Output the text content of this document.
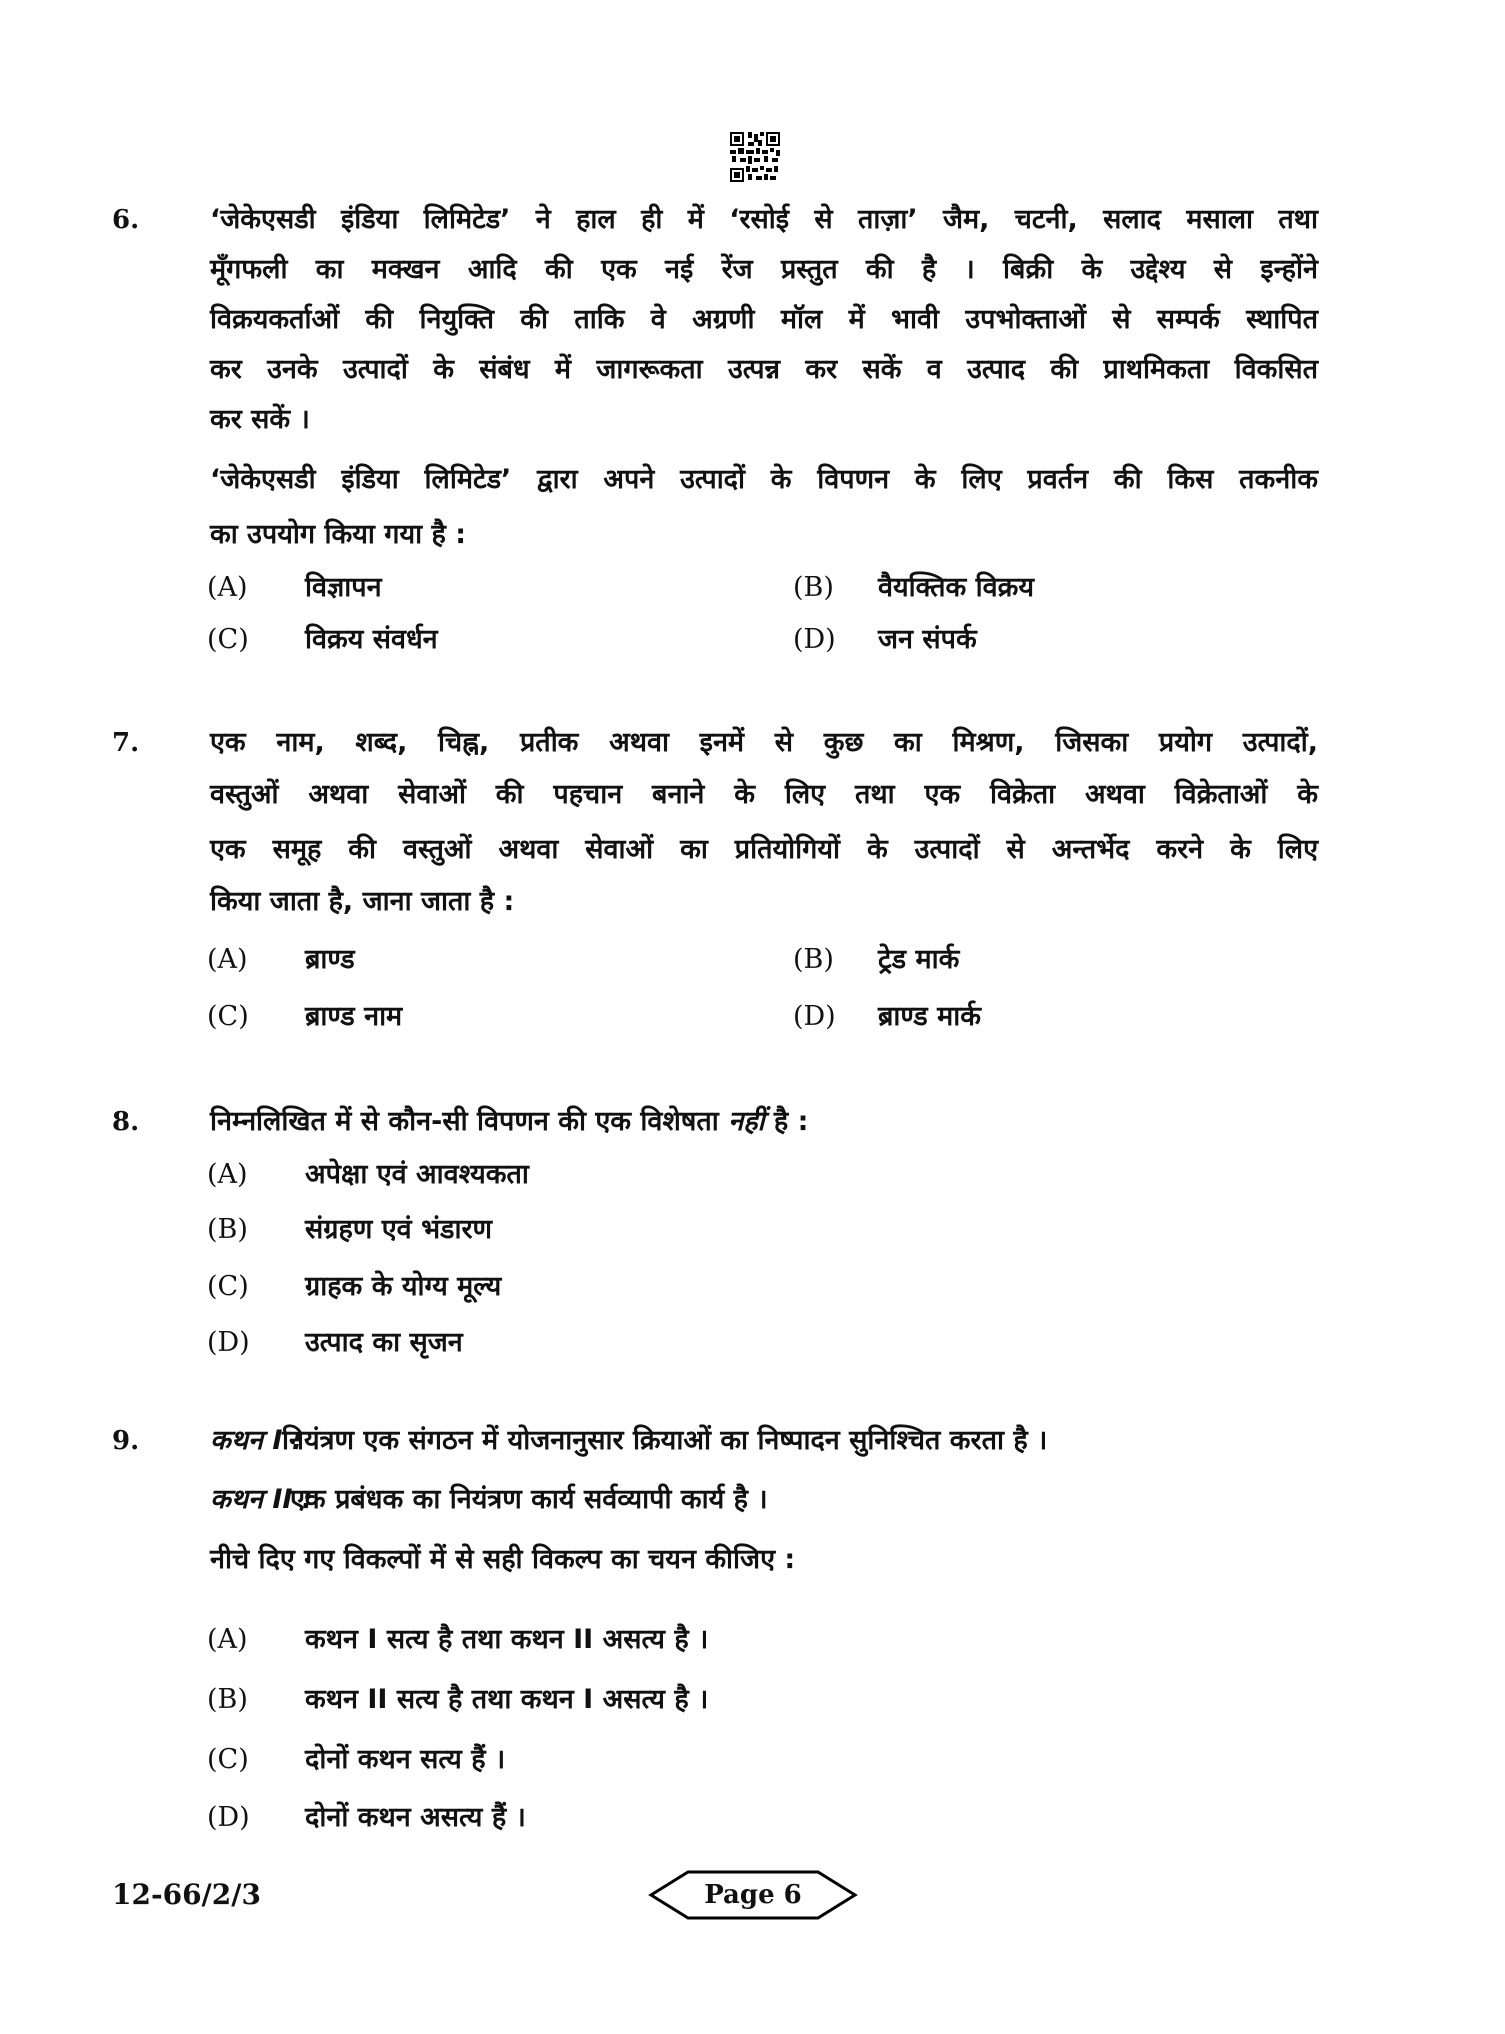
6.	‘जेकेएसडी इंडिया लिमिटेड’ ने हाल ही में ‘रसोई से ताज़ा’ जैम, चटनी, सलाद मसाला तथा
मूँगफली का मक्खन आदि की एक नई रेंज प्रस्तुत की है । बिक्री के उद्देश्य से इन्होंने
विक्रयकर्ताओं की नियुक्ति की ताकि वे अग्रणी मॉल में भावी उपभोक्ताओं से सम्पर्क स्थापित
कर उनके उत्पादों के संबंध में जागरूकता उत्पन्न कर सकें व उत्पाद की प्राथमिकता विकसित
कर सकें ।
‘जेकेएसडी इंडिया लिमिटेड’ द्वारा अपने उत्पादों के विपणन के लिए प्रवर्तन की किस तकनीक
का उपयोग किया गया है :
(A) विज्ञापन	(B) वैयक्तिक विक्रय
(C) विक्रय संवर्धन	(D) जन संपर्क
7.	एक नाम, शब्द, चिह्न, प्रतीक अथवा इनमें से कुछ का मिश्रण, जिसका प्रयोग उत्पादों,
वस्तुओं अथवा सेवाओं की पहचान बनाने के लिए तथा एक विक्रेता अथवा विक्रेताओं के
एक समूह की वस्तुओं अथवा सेवाओं का प्रतियोगियों के उत्पादों से अन्तर्भेद करने के लिए
किया जाता है, जाना जाता है :
(A) ब्राण्ड	(B) ट्रेड मार्क
(C) ब्राण्ड नाम	(D) ब्राण्ड मार्क
8.	निम्नलिखित में से कौन-सी विपणन की एक विशेषता नहीं है :
(A) अपेक्षा एवं आवश्यकता
(B) संग्रहण एवं भंडारण
(C) ग्राहक के योग्य मूल्य
(D) उत्पाद का सृजन
9.	कथन I :
नियंत्रण एक संगठन में योजनानुसार क्रियाओं का निष्पादन सुनिश्चित करता है ।
कथन II :
एक प्रबंधक का नियंत्रण कार्य सर्वव्यापी कार्य है ।
नीचे दिए गए विकल्पों में से सही विकल्प का चयन कीजिए :
(A) कथन I सत्य है तथा कथन II असत्य है ।
(B) कथन II सत्य है तथा कथन I असत्य है ।
(C) दोनों कथन सत्य हैं ।
(D) दोनों कथन असत्य हैं ।
12-66/2/3	Page 6
